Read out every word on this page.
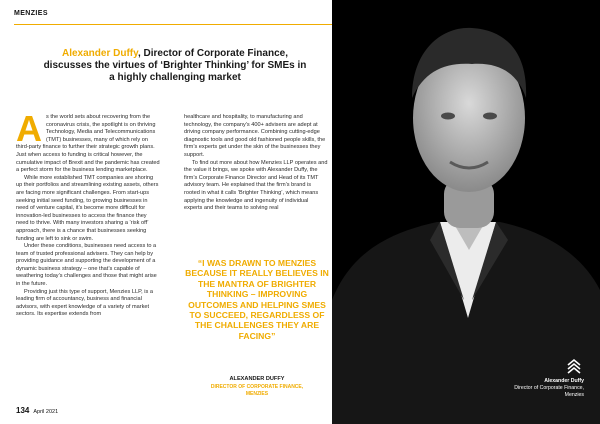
MENZIES
Alexander Duffy, Director of Corporate Finance, discusses the virtues of ‘Brighter Thinking’ for SMEs in a highly challenging market

As the world sets about recovering from the coronavirus crisis, the spotlight is on thriving Technology, Media and Telecommunications (TMT) businesses, many of which rely on third-party finance to further their strategic growth plans. Just when access to funding is critical however, the cumulative impact of Brexit and the pandemic has created a perfect storm for the business lending marketplace.

While more established TMT companies are shoring up their portfolios and streamlining existing assets, others are facing more significant challenges. From start-ups seeking initial seed funding, to growing businesses in need of venture capital, it’s become more difficult for innovation-led businesses to access the finance they need to thrive. With many investors sharing a ‘risk off’ approach, there is a chance that businesses seeking funding are left to sink or swim.

Under these conditions, businesses need access to a team of trusted professional advisers. They can help by providing guidance and supporting the development of a dynamic business strategy – one that’s capable of weathering today’s challenges and those that might arise in the future.

Providing just this type of support, Menzies LLP, is a leading firm of accountancy, business and financial advisors, with expert knowledge of a variety of market sectors. Its expertise extends from

healthcare and hospitality, to manufacturing and technology, the company’s 400+ advisers are adept at driving company performance. Combining cutting-edge diagnostic tools and good old fashioned people skills, the firm’s experts get under the skin of the businesses they support.

To find out more about how Menzies LLP operates and the value it brings, we spoke with Alexander Duffy, the firm’s Corporate Finance Director and Head of its TMT advisory team. He explained that the firm’s brand is rooted in what it calls ‘Brighter Thinking’, which means applying the knowledge and ingenuity of individual experts and their teams to solving real

“I WAS DRAWN TO MENZIES BECAUSE IT REALLY BELIEVES IN THE MANTRA OF BRIGHTER THINKING – IMPROVING OUTCOMES AND HELPING SMES TO SUCCEED, REGARDLESS OF THE CHALLENGES THEY ARE FACING”
ALEXANDER DUFFY
DIRECTOR OF CORPORATE FINANCE,
MENZIES
Alexander Duffy
Director of Corporate Finance,
Menzies
134 April 2021
